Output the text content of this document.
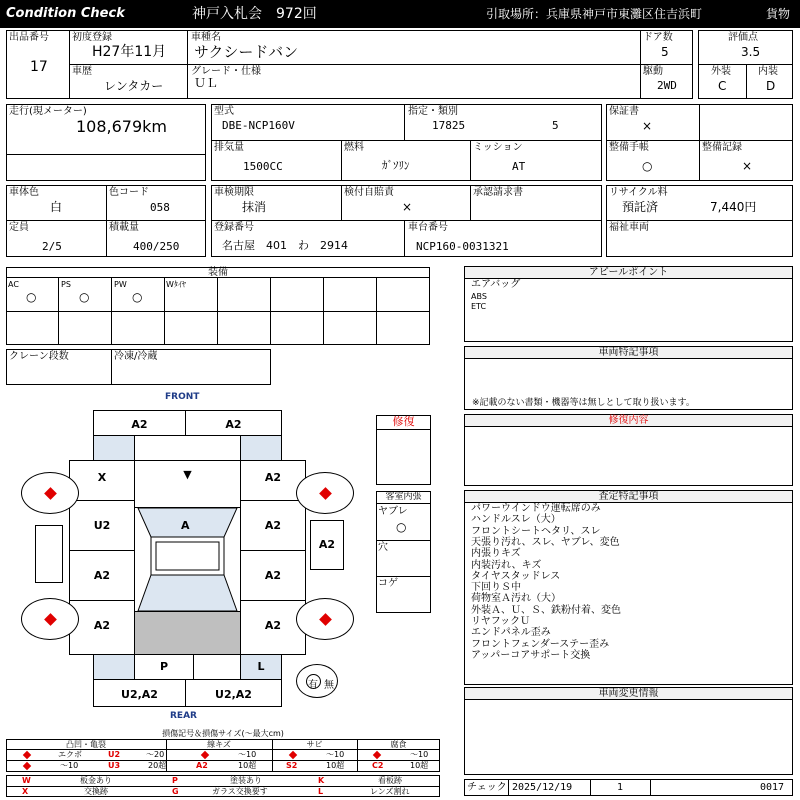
Condition Check	神戸入札会　972回	引取場所：兵庫県神戸市東灘区住吉浜町	貨物
出品番号
17
初度登録
H27年11月
車種名
サクシードバン
ドア数
5
車歴
レンタカー
グレード・仕様
ＵＬ
駆動
2WD
評価点
3.5
外装
C
内装
D
走行(現メーター)
108,679km
型式
DBE-NCP160V
指定・類別
17825	5
排気量
1500CC
燃料
ｶﾞｿﾘﾝ
ミッション
AT
保証書
×
整備手帳
○
整備記録
×
車体色
白
色コード
058
定員
2/5
積載量
400/250
車検期限
抹消
検付自賠責
×
承認請求書
登録番号
名古屋　401　わ　2914
車台番号
NCP160-0031321
リサイクル料
預託済	7,440円
福祉車両
装備
AC
○
PS
○
PW
○
Wﾀｲﾔ
クレーン段数	冷凍/冷蔵
FRONT
REAR
A2	A2
X
U2
A2
A2
A2
A2
A2
A2
A2
▼
A
P	L
U2,A2	U2,A2
有 無
修復
客室内張
ヤブレ
○
穴
コゲ
アピールポイント
エアバッグ
ABS
ETC
車両特記事項
※記載のない書類・機器等は無しとして取り扱います。
修復内容
査定特記事項
パワーウインドウ運転席のみ
ハンドルスレ（大）
フロントシートヘタリ、スレ
天張り汚れ、スレ、ヤブレ、変色
内張りキズ
内装汚れ、キズ
タイヤスタッドレス
下回りＳ中
荷物室Ａ汚れ（大）
外装Ａ、Ｕ、Ｓ、鉄粉付着、変色
リヤフックＵ
エンドパネル歪み
フロントフェンダーステー歪み
アッパーコアサポート交換
車両変更情報
チェック 2025/12/19	1	0017
損傷記号＆損傷サイズ(〜最大cm)
凸凹・亀裂	線キズ	サビ	腐食
エクボ	U2	〜20	〜10	〜10	〜10
〜10	U3	20超	A2	10超	S2	10超	C2	10超
W	板金あり	P	塗装あり	K	看板跡
X	交換跡	G	ガラス交換要す	L	レンズ割れ
